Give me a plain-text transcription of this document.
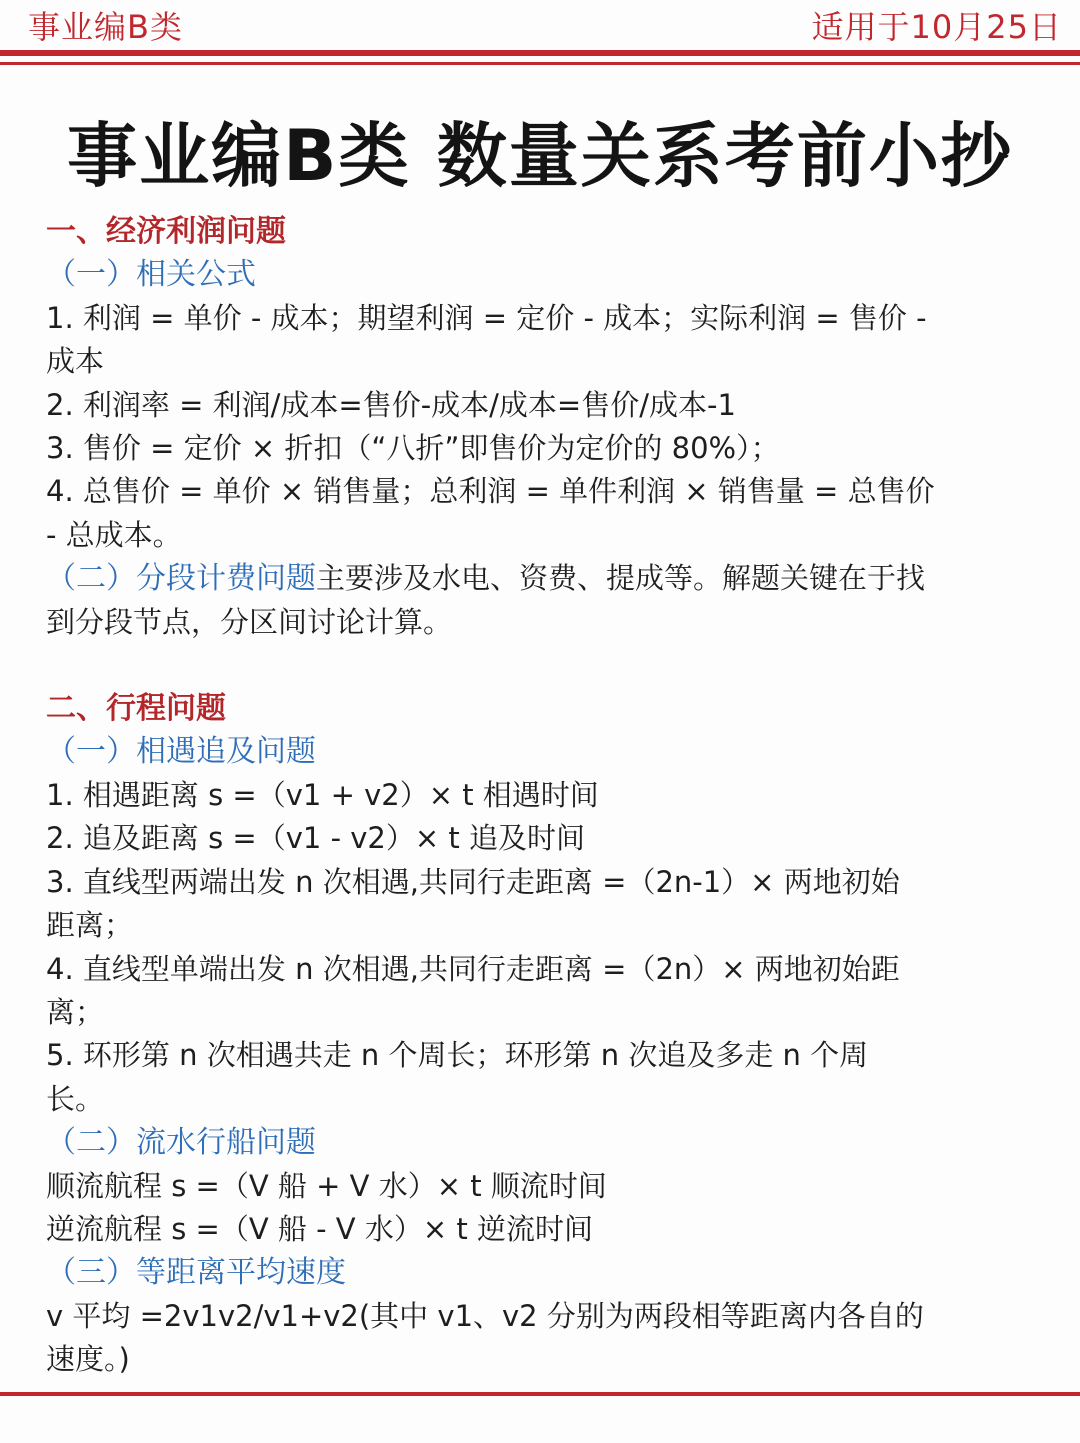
事业编B类	适用于10月25日
事业编B类 数量关系考前小抄
一、经济利润问题
（一）相关公式
1. 利润 = 单价 - 成本；期望利润 = 定价 - 成本；实际利润 = 售价 -
成本
2. 利润率 = 利润/成本=售价-成本/成本=售价/成本-1
3. 售价 = 定价 × 折扣（“八折”即售价为定价的 80%）；
4. 总售价 = 单价 × 销售量；总利润 = 单件利润 × 销售量 = 总售价
- 总成本。
（二）分段计费问题主要涉及水电、资费、提成等。解题关键在于找
到分段节点，分区间讨论计算。
二、行程问题
（一）相遇追及问题
1. 相遇距离 s =（v1 + v2）× t 相遇时间
2. 追及距离 s =（v1 - v2）× t 追及时间
3. 直线型两端出发 n 次相遇,共同行走距离 =（2n-1）× 两地初始
距离；
4. 直线型单端出发 n 次相遇,共同行走距离 =（2n）× 两地初始距
离；
5. 环形第 n 次相遇共走 n 个周长；环形第 n 次追及多走 n 个周
长。
（二）流水行船问题
顺流航程 s =（V 船 + V 水）× t 顺流时间
逆流航程 s =（V 船 - V 水）× t 逆流时间
（三）等距离平均速度
v 平均 =2v1v2/v1+v2(其中 v1、v2 分别为两段相等距离内各自的
速度。)
